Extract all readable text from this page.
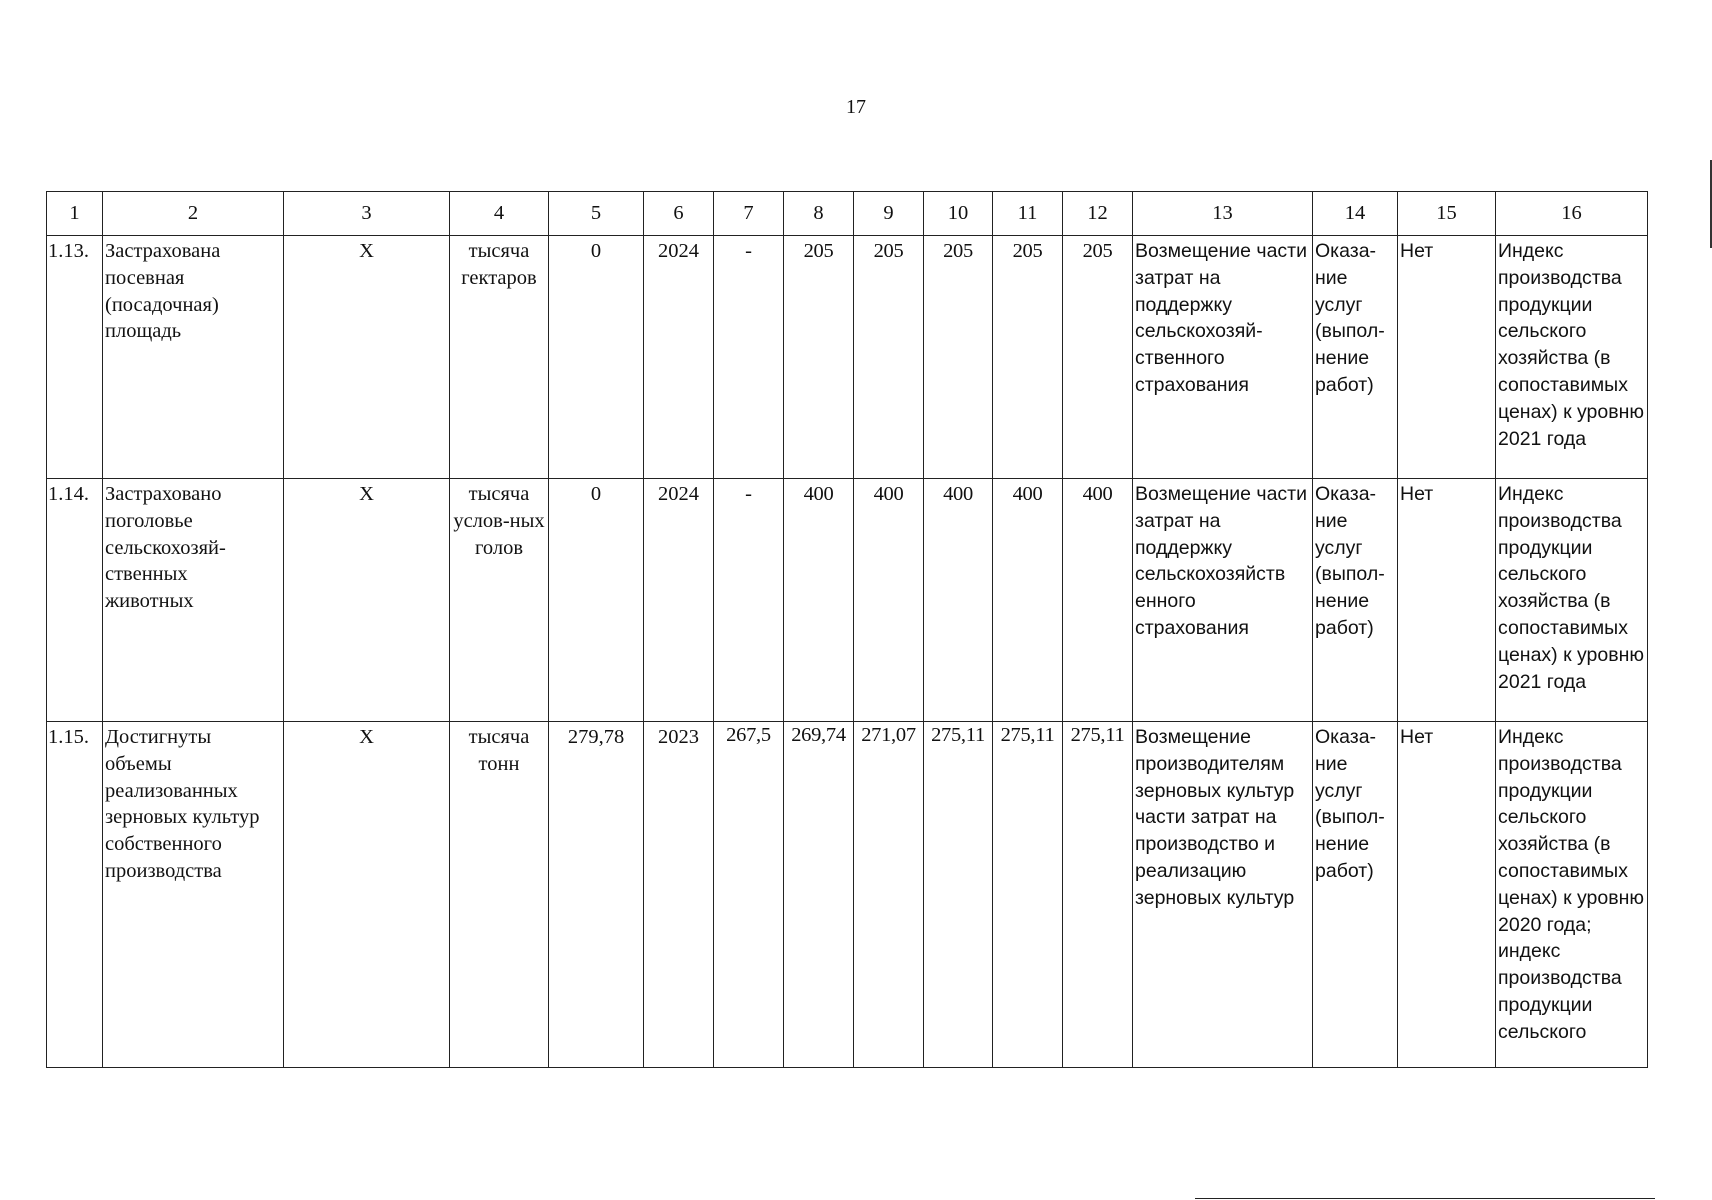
17
1	2	3	4	5	6	7	8	9	10	11	12	13	14	15	16
1.13.	Застрахована посевная (посадочная) площадь	X	тысяча гектаров	0	2024	-	205	205	205	205	205	Возмещение части затрат на поддержку сельскохозяй-ственного страхования	Оказа-ние услуг (выпол-нение работ)	Нет	Индекс производства продукции сельского хозяйства (в сопоставимых ценах) к уровню 2021 года
1.14.	Застраховано поголовье сельскохозяй-ственных животных	X	тысяча услов-ных голов	0	2024	-	400	400	400	400	400	Возмещение части затрат на поддержку сельскохозяйств енного страхования	Оказа-ние услуг (выпол-нение работ)	Нет	Индекс производства продукции сельского хозяйства (в сопоставимых ценах) к уровню 2021 года
1.15.	Достигнуты объемы реализованных зерновых культур собственного производства	X	тысяча тонн	279,78	2023	267,5	269,74	271,07	275,11	275,11	275,11	Возмещение производителям зерновых культур части затрат на производство и реализацию зерновых культур	Оказа-ние услуг (выпол-нение работ)	Нет	Индекс производства продукции сельского хозяйства (в сопоставимых ценах) к уровню 2020 года; индекс производства продукции сельского
